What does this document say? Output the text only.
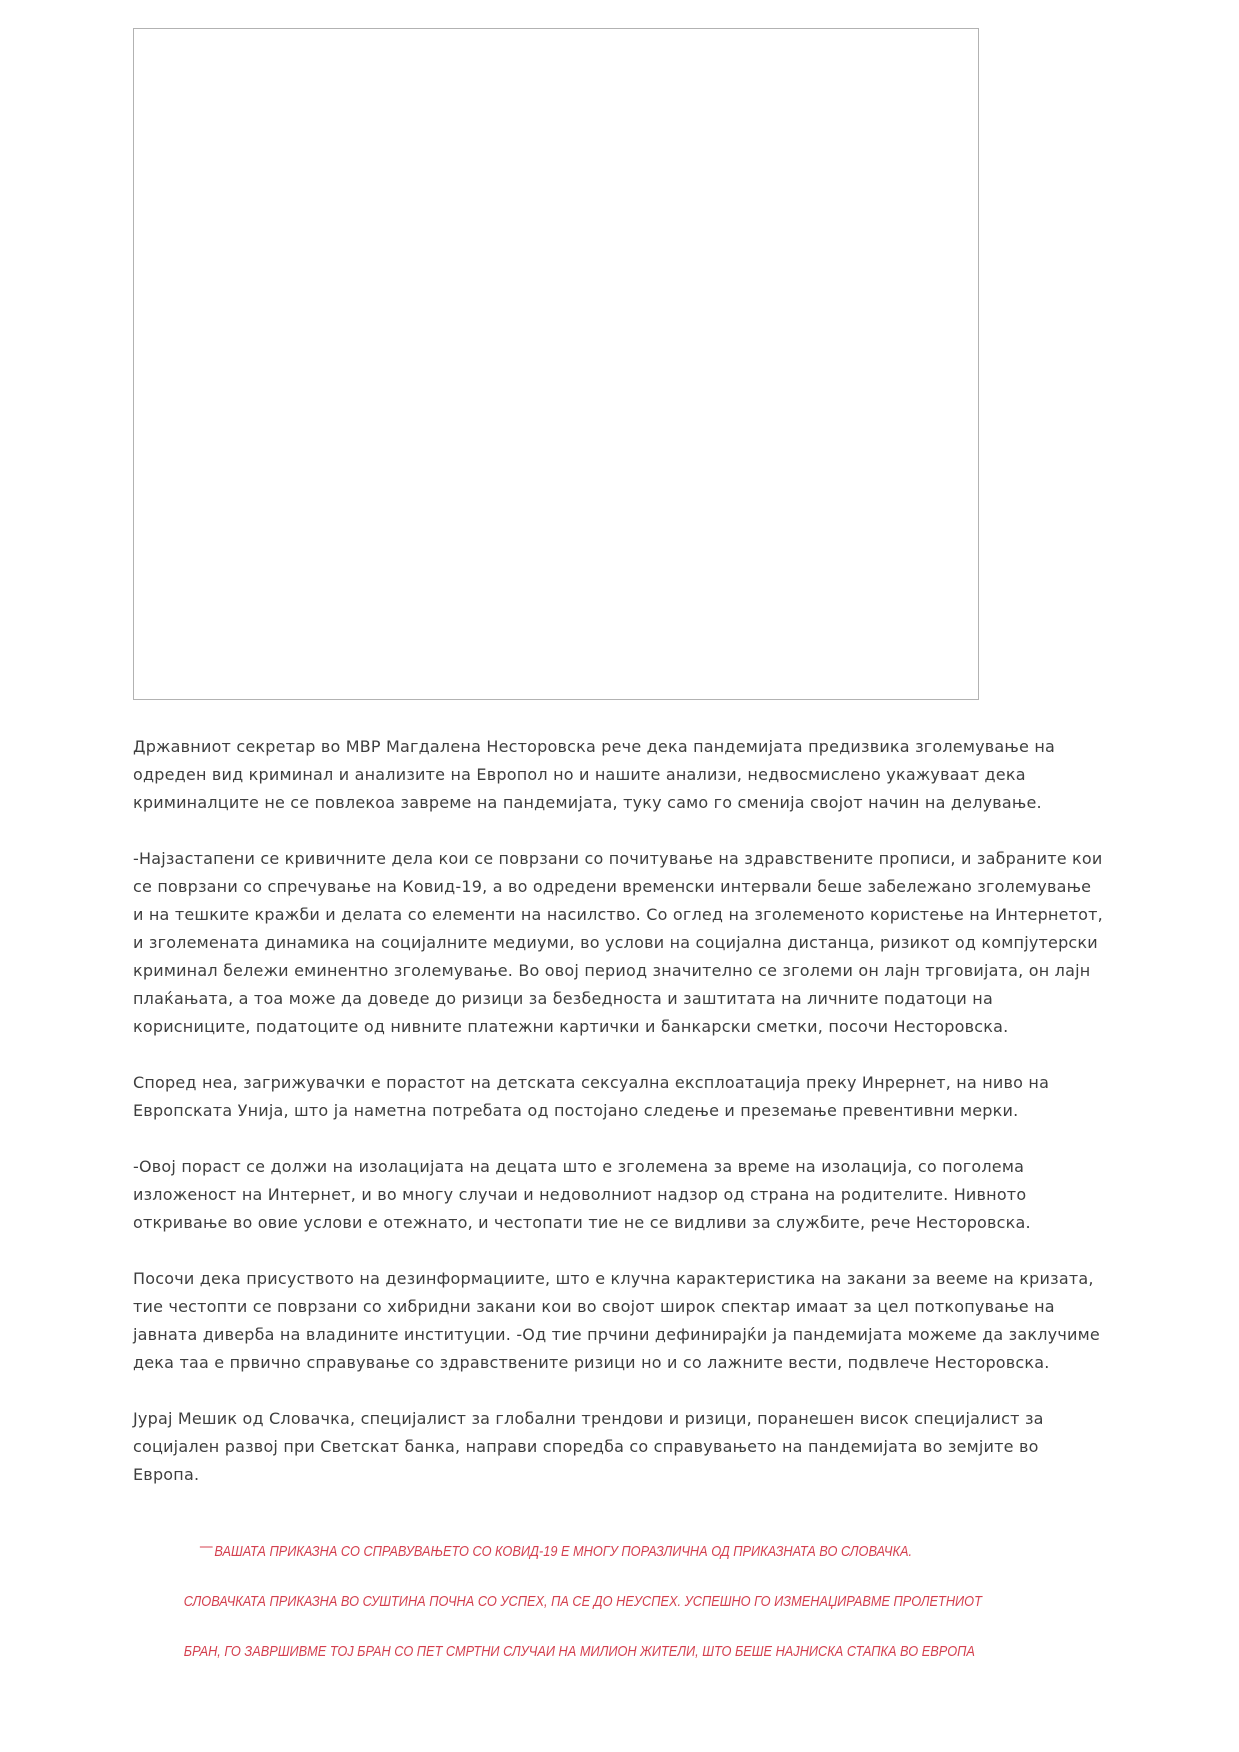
Државниот секретар во МВР Магдалена Несторовска рече дека пандемијата предизвика зголемување на одреден вид криминал и анализите на Европол но и нашите анализи, недвосмислено укажуваат дека криминалците не се повлекоа завреме на пандемијата, туку само го сменија својот начин на делување.

-Најзастапени се кривичните дела кои се поврзани со почитување на здравствените прописи, и забраните кои се поврзани со спречување на Ковид-19, а во одредени временски интервали беше забележано зголемување и на тешките кражби и делата со елементи на насилство. Со оглед на зголеменото користење на Интернетот, и зголемената динамика на социјалните медиуми, во услови на социјална дистанца, ризикот од компјутерски криминал бележи еминентно зголемување. Во овој период значително се зголеми он лајн трговијата, он лајн плаќањата, а тоа може да доведе до ризици за безбедноста и заштитата на личните податоци на корисниците, податоците од нивните платежни картички и банкарски сметки, посочи Несторовска.

Според неа, загрижувачки е порастот на детската сексуална експлоатација преку Инрернет, на ниво на Европската Унија, што ја наметна потребата од постојано следење и преземање превентивни мерки.

-Овој пораст се должи на изолацијата на децата што е зголемена за време на изолација, со поголема изложеност на Интернет, и во многу случаи и недоволниот надзор од страна на родителите. Нивното откривање во овие услови е отежнато, и честопати тие не се видливи за службите, рече Несторовска.

Посочи дека присуството на дезинформациите, што е клучна карактеристика на закани за вееме на кризата, тие честопти се поврзани со хибридни закани кои во својот широк спектар имаат за цел поткопување на јавната диверба на владините институции. -Од тие прчини дефинирајќи ја пандемијата можеме да заклучиме дека таа е првично справување со здравствените ризици но и со лажните вести, подвлече Несторовска.

Јурај Мешик од Словачка, специјалист за глобални трендови и ризици, поранешен висок специјалист за социјален развој при Светскат банка, направи споредба со справувањето на пандемијата во земјите во Европа.

— ВАШАТА ПРИКАЗНА СО СПРАВУВАЊЕТО СО КОВИД-19 Е МНОГУ ПОРАЗЛИЧНА ОД ПРИКАЗНАТА ВО СЛОВАЧКА.
СЛОВАЧКАТА ПРИКАЗНА ВО СУШТИНА ПОЧНА СО УСПЕХ, ПА СЕ ДО НЕУСПЕХ. УСПЕШНО ГО ИЗМЕНАЏИРАВМЕ ПРОЛЕТНИОТ
БРАН, ГО ЗАВРШИВМЕ ТОЈ БРАН СО ПЕТ СМРТНИ СЛУЧАИ НА МИЛИОН ЖИТЕЛИ, ШТО БЕШЕ НАЈНИСКА СТАПКА ВО ЕВРОПА
